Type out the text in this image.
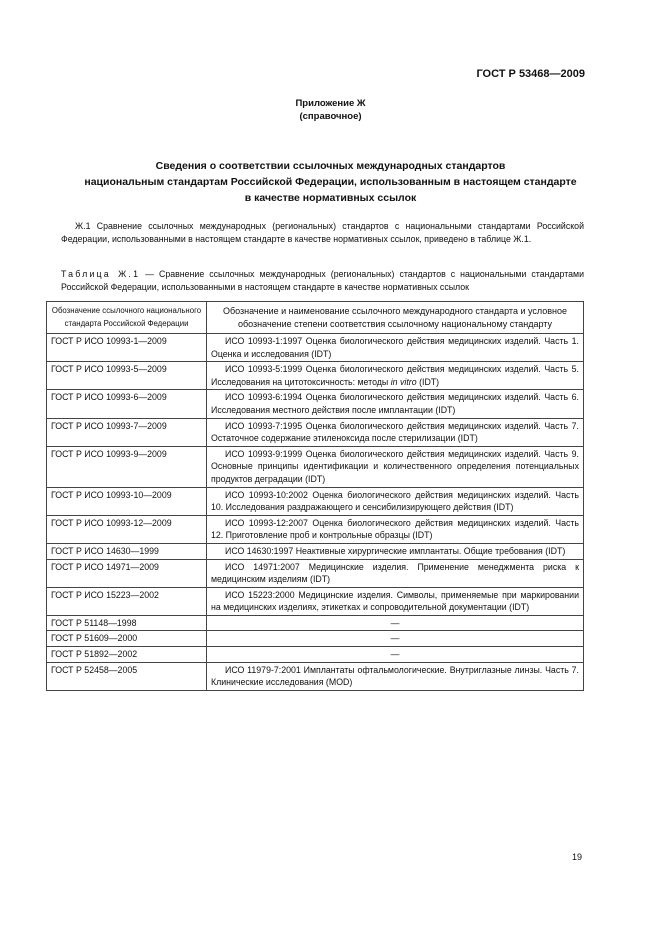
ГОСТ Р 53468—2009
Приложение Ж
(справочное)
Сведения о соответствии ссылочных международных стандартов
национальным стандартам Российской Федерации, использованным в настоящем стандарте
в качестве нормативных ссылок
Ж.1 Сравнение ссылочных международных (региональных) стандартов с национальными стандартами Российской Федерации, использованными в настоящем стандарте в качестве нормативных ссылок, приведено в таблице Ж.1.
Таблица Ж.1 — Сравнение ссылочных международных (региональных) стандартов с национальными стандартами Российской Федерации, использованными в настоящем стандарте в качестве нормативных ссылок
Обозначение ссылочного национального стандарта Российской Федерации	Обозначение и наименование ссылочного международного стандарта и условное обозначение степени соответствия ссылочному национальному стандарту
ГОСТ Р ИСО 10993-1—2009	ИСО 10993-1:1997 Оценка биологического действия медицинских изделий. Часть 1. Оценка и исследования (IDT)
ГОСТ Р ИСО 10993-5—2009	ИСО 10993-5:1999 Оценка биологического действия медицинских изделий. Часть 5. Исследования на цитотоксичность: методы in vitro (IDT)
ГОСТ Р ИСО 10993-6—2009	ИСО 10993-6:1994 Оценка биологического действия медицинских изделий. Часть 6. Исследования местного действия после имплантации (IDT)
ГОСТ Р ИСО 10993-7—2009	ИСО 10993-7:1995 Оценка биологического действия медицинских изделий. Часть 7. Остаточное содержание этиленоксида после стерилизации (IDT)
ГОСТ Р ИСО 10993-9—2009	ИСО 10993-9:1999 Оценка биологического действия медицинских изделий. Часть 9. Основные принципы идентификации и количественного определения потенциальных продуктов деградации (IDT)
ГОСТ Р ИСО 10993-10—2009	ИСО 10993-10:2002 Оценка биологического действия медицинских изделий. Часть 10. Исследования раздражающего и сенсибилизирующего действия (IDT)
ГОСТ Р ИСО 10993-12—2009	ИСО 10993-12:2007 Оценка биологического действия медицинских изделий. Часть 12. Приготовление проб и контрольные образцы (IDT)
ГОСТ Р ИСО 14630—1999	ИСО 14630:1997 Неактивные хирургические имплантаты. Общие требования (IDT)
ГОСТ Р ИСО 14971—2009	ИСО 14971:2007 Медицинские изделия. Применение менеджмента риска к медицинским изделиям (IDT)
ГОСТ Р ИСО 15223—2002	ИСО 15223:2000 Медицинские изделия. Символы, применяемые при маркировании на медицинских изделиях, этикетках и сопроводительной документации (IDT)
ГОСТ Р 51148—1998	—
ГОСТ Р 51609—2000	—
ГОСТ Р 51892—2002	—
ГОСТ Р 52458—2005	ИСО 11979-7:2001 Имплантаты офтальмологические. Внутриглазные линзы. Часть 7. Клинические исследования (MOD)
19
